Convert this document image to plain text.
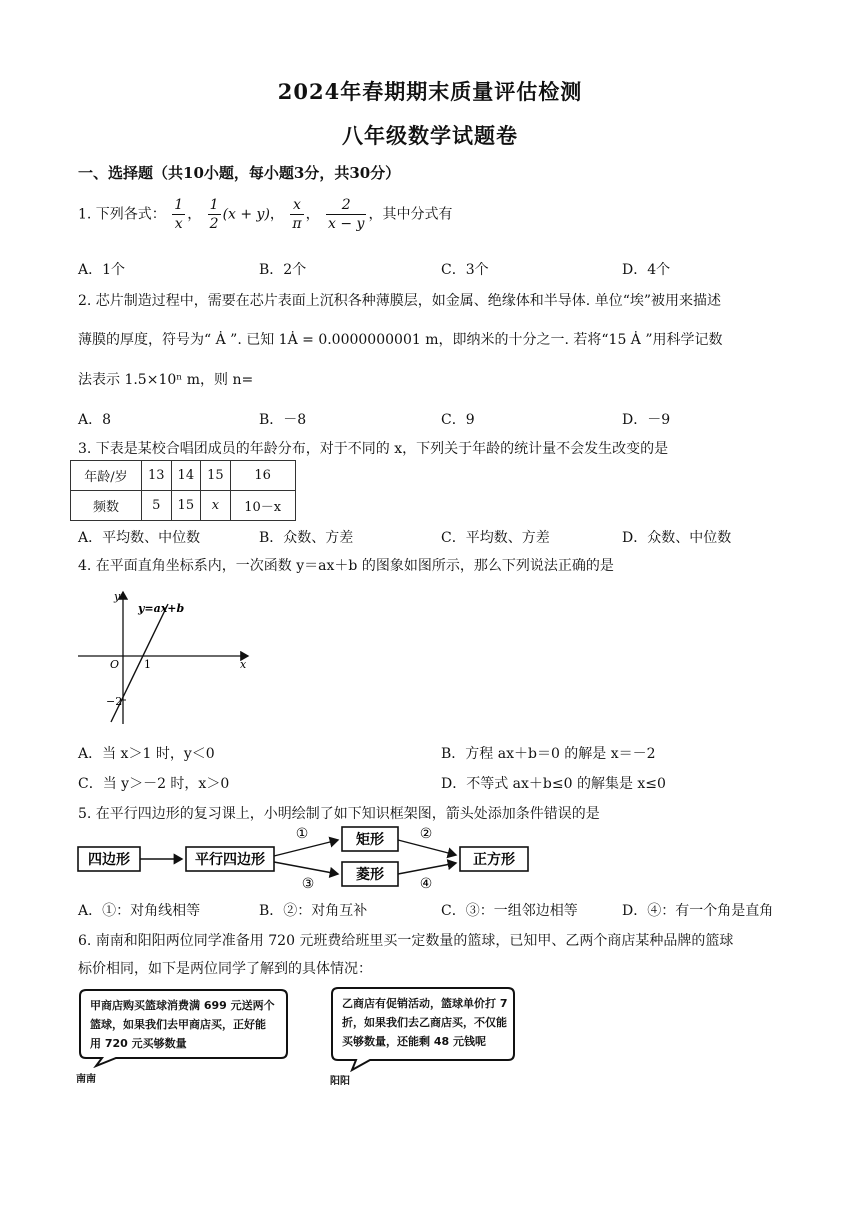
2024年春期期末质量评估检测
八年级数学试题卷
一、选择题（共10小题，每小题3分，共30分）
1. 下列各式： $\frac{1}{x}$ ， $\frac{1}{2} (x + y)$， $\frac{x}{\pi}$ ， $\frac{2}{x - y}$ ，其中分式有
A．1个	B．2个	C．3个	D．4个
2. 芯片制造过程中，需要在芯片表面上沉积各种薄膜层，如金属、绝缘体和半导体. 单位“埃”被用来描述
薄膜的厚度，符号为“ Ȧ ”. 已知 1Ȧ = 0.0000000001 m，即纳米的十分之一. 若将“15 Ȧ ”用科学记数
法表示 1.5×10ⁿ m，则 n=
A．8	B．－8	C．9	D．－9
3. 下表是某校合唱团成员的年龄分布，对于不同的 x，下列关于年龄的统计量不会发生改变的是
年龄/岁	13	14	15	16
频数	5	15	x	10－x
A．平均数、中位数	B．众数、方差	C．平均数、方差	D．众数、中位数
4. 在平面直角坐标系内，一次函数 y＝ax＋b 的图象如图所示，那么下列说法正确的是
y
x
O
y=ax+b
1
−2
A．当 x＞1 时，y＜0	B．方程 ax＋b＝0 的解是 x＝－2
C．当 y＞－2 时，x＞0	D．不等式 ax＋b≤0 的解集是 x≤0
5. 在平行四边形的复习课上，小明绘制了如下知识框架图，箭头处添加条件错误的是
四边形	平行四边形
矩形
菱形
正方形
①	②
③	④
A．①：对角线相等	B．②：对角互补	C．③：一组邻边相等	D．④：有一个角是直角
6. 南南和阳阳两位同学准备用 720 元班费给班里买一定数量的篮球，已知甲、乙两个商店某种品牌的篮球
标价相同，如下是两位同学了解到的具体情况：
甲商店购买篮球消费满 699 元送两个
篮球，如果我们去甲商店买，正好能
用 720 元买够数量
南南
乙商店有促销活动，篮球单价打 7
折，如果我们去乙商店买，不仅能
买够数量，还能剩 48 元钱呢
阳阳
